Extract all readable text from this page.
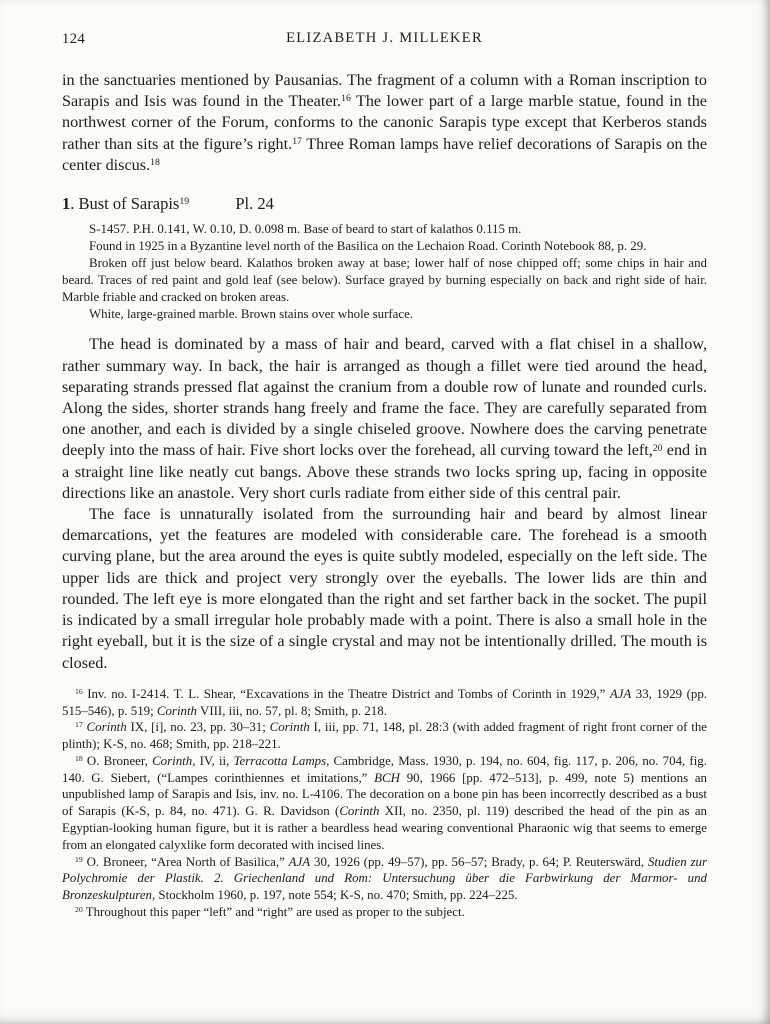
124	ELIZABETH J. MILLEKER

in the sanctuaries mentioned by Pausanias. The fragment of a column with a Roman inscription to Sarapis and Isis was found in the Theater.$^{16}$ The lower part of a large marble statue, found in the northwest corner of the Forum, conforms to the canonic Sarapis type except that Kerberos stands rather than sits at the figure’s right.$^{17}$ Three Roman lamps have relief decorations of Sarapis on the center discus.$^{18}$

1. Bust of Sarapis$^{19}$	Pl. 24

S-1457. P.H. 0.141, W. 0.10, D. 0.098 m. Base of beard to start of kalathos 0.115 m.

Found in 1925 in a Byzantine level north of the Basilica on the Lechaion Road. Corinth Notebook 88, p. 29.

Broken off just below beard. Kalathos broken away at base; lower half of nose chipped off; some chips in hair and beard. Traces of red paint and gold leaf (see below). Surface grayed by burning especially on back and right side of hair. Marble friable and cracked on broken areas.

White, large-grained marble. Brown stains over whole surface.

The head is dominated by a mass of hair and beard, carved with a flat chisel in a shallow, rather summary way. In back, the hair is arranged as though a fillet were tied around the head, separating strands pressed flat against the cranium from a double row of lunate and rounded curls. Along the sides, shorter strands hang freely and frame the face. They are carefully separated from one another, and each is divided by a single chiseled groove. Nowhere does the carving penetrate deeply into the mass of hair. Five short locks over the forehead, all curving toward the left,$^{20}$ end in a straight line like neatly cut bangs. Above these strands two locks spring up, facing in opposite directions like an anastole. Very short curls radiate from either side of this central pair.

The face is unnaturally isolated from the surrounding hair and beard by almost linear demarcations, yet the features are modeled with considerable care. The forehead is a smooth curving plane, but the area around the eyes is quite subtly modeled, especially on the left side. The upper lids are thick and project very strongly over the eyeballs. The lower lids are thin and rounded. The left eye is more elongated than the right and set farther back in the socket. The pupil is indicated by a small irregular hole probably made with a point. There is also a small hole in the right eyeball, but it is the size of a single crystal and may not be intentionally drilled. The mouth is closed.

$^{16}$ Inv. no. I-2414. T. L. Shear, “Excavations in the Theatre District and Tombs of Corinth in 1929,” AJA 33, 1929 (pp. 515–546), p. 519; Corinth VIII, iii, no. 57, pl. 8; Smith, p. 218.

$^{17}$ Corinth IX, [i], no. 23, pp. 30–31; Corinth I, iii, pp. 71, 148, pl. 28:3 (with added fragment of right front corner of the plinth); K-S, no. 468; Smith, pp. 218–221.

$^{18}$ O. Broneer, Corinth, IV, ii, Terracotta Lamps, Cambridge, Mass. 1930, p. 194, no. 604, fig. 117, p. 206, no. 704, fig. 140. G. Siebert, (“Lampes corinthiennes et imitations,” BCH 90, 1966 [pp. 472–513], p. 499, note 5) mentions an unpublished lamp of Sarapis and Isis, inv. no. L-4106. The decoration on a bone pin has been incorrectly described as a bust of Sarapis (K-S, p. 84, no. 471). G. R. Davidson (Corinth XII, no. 2350, pl. 119) described the head of the pin as an Egyptian-looking human figure, but it is rather a beardless head wearing conventional Pharaonic wig that seems to emerge from an elongated calyxlike form decorated with incised lines.

$^{19}$ O. Broneer, “Area North of Basilica,” AJA 30, 1926 (pp. 49–57), pp. 56–57; Brady, p. 64; P. Reuterswärd, Studien zur Polychromie der Plastik. 2. Griechenland und Rom: Untersuchung über die Farbwirkung der Marmor- und Bronzeskulpturen, Stockholm 1960, p. 197, note 554; K-S, no. 470; Smith, pp. 224–225.

$^{20}$ Throughout this paper “left” and “right” are used as proper to the subject.
